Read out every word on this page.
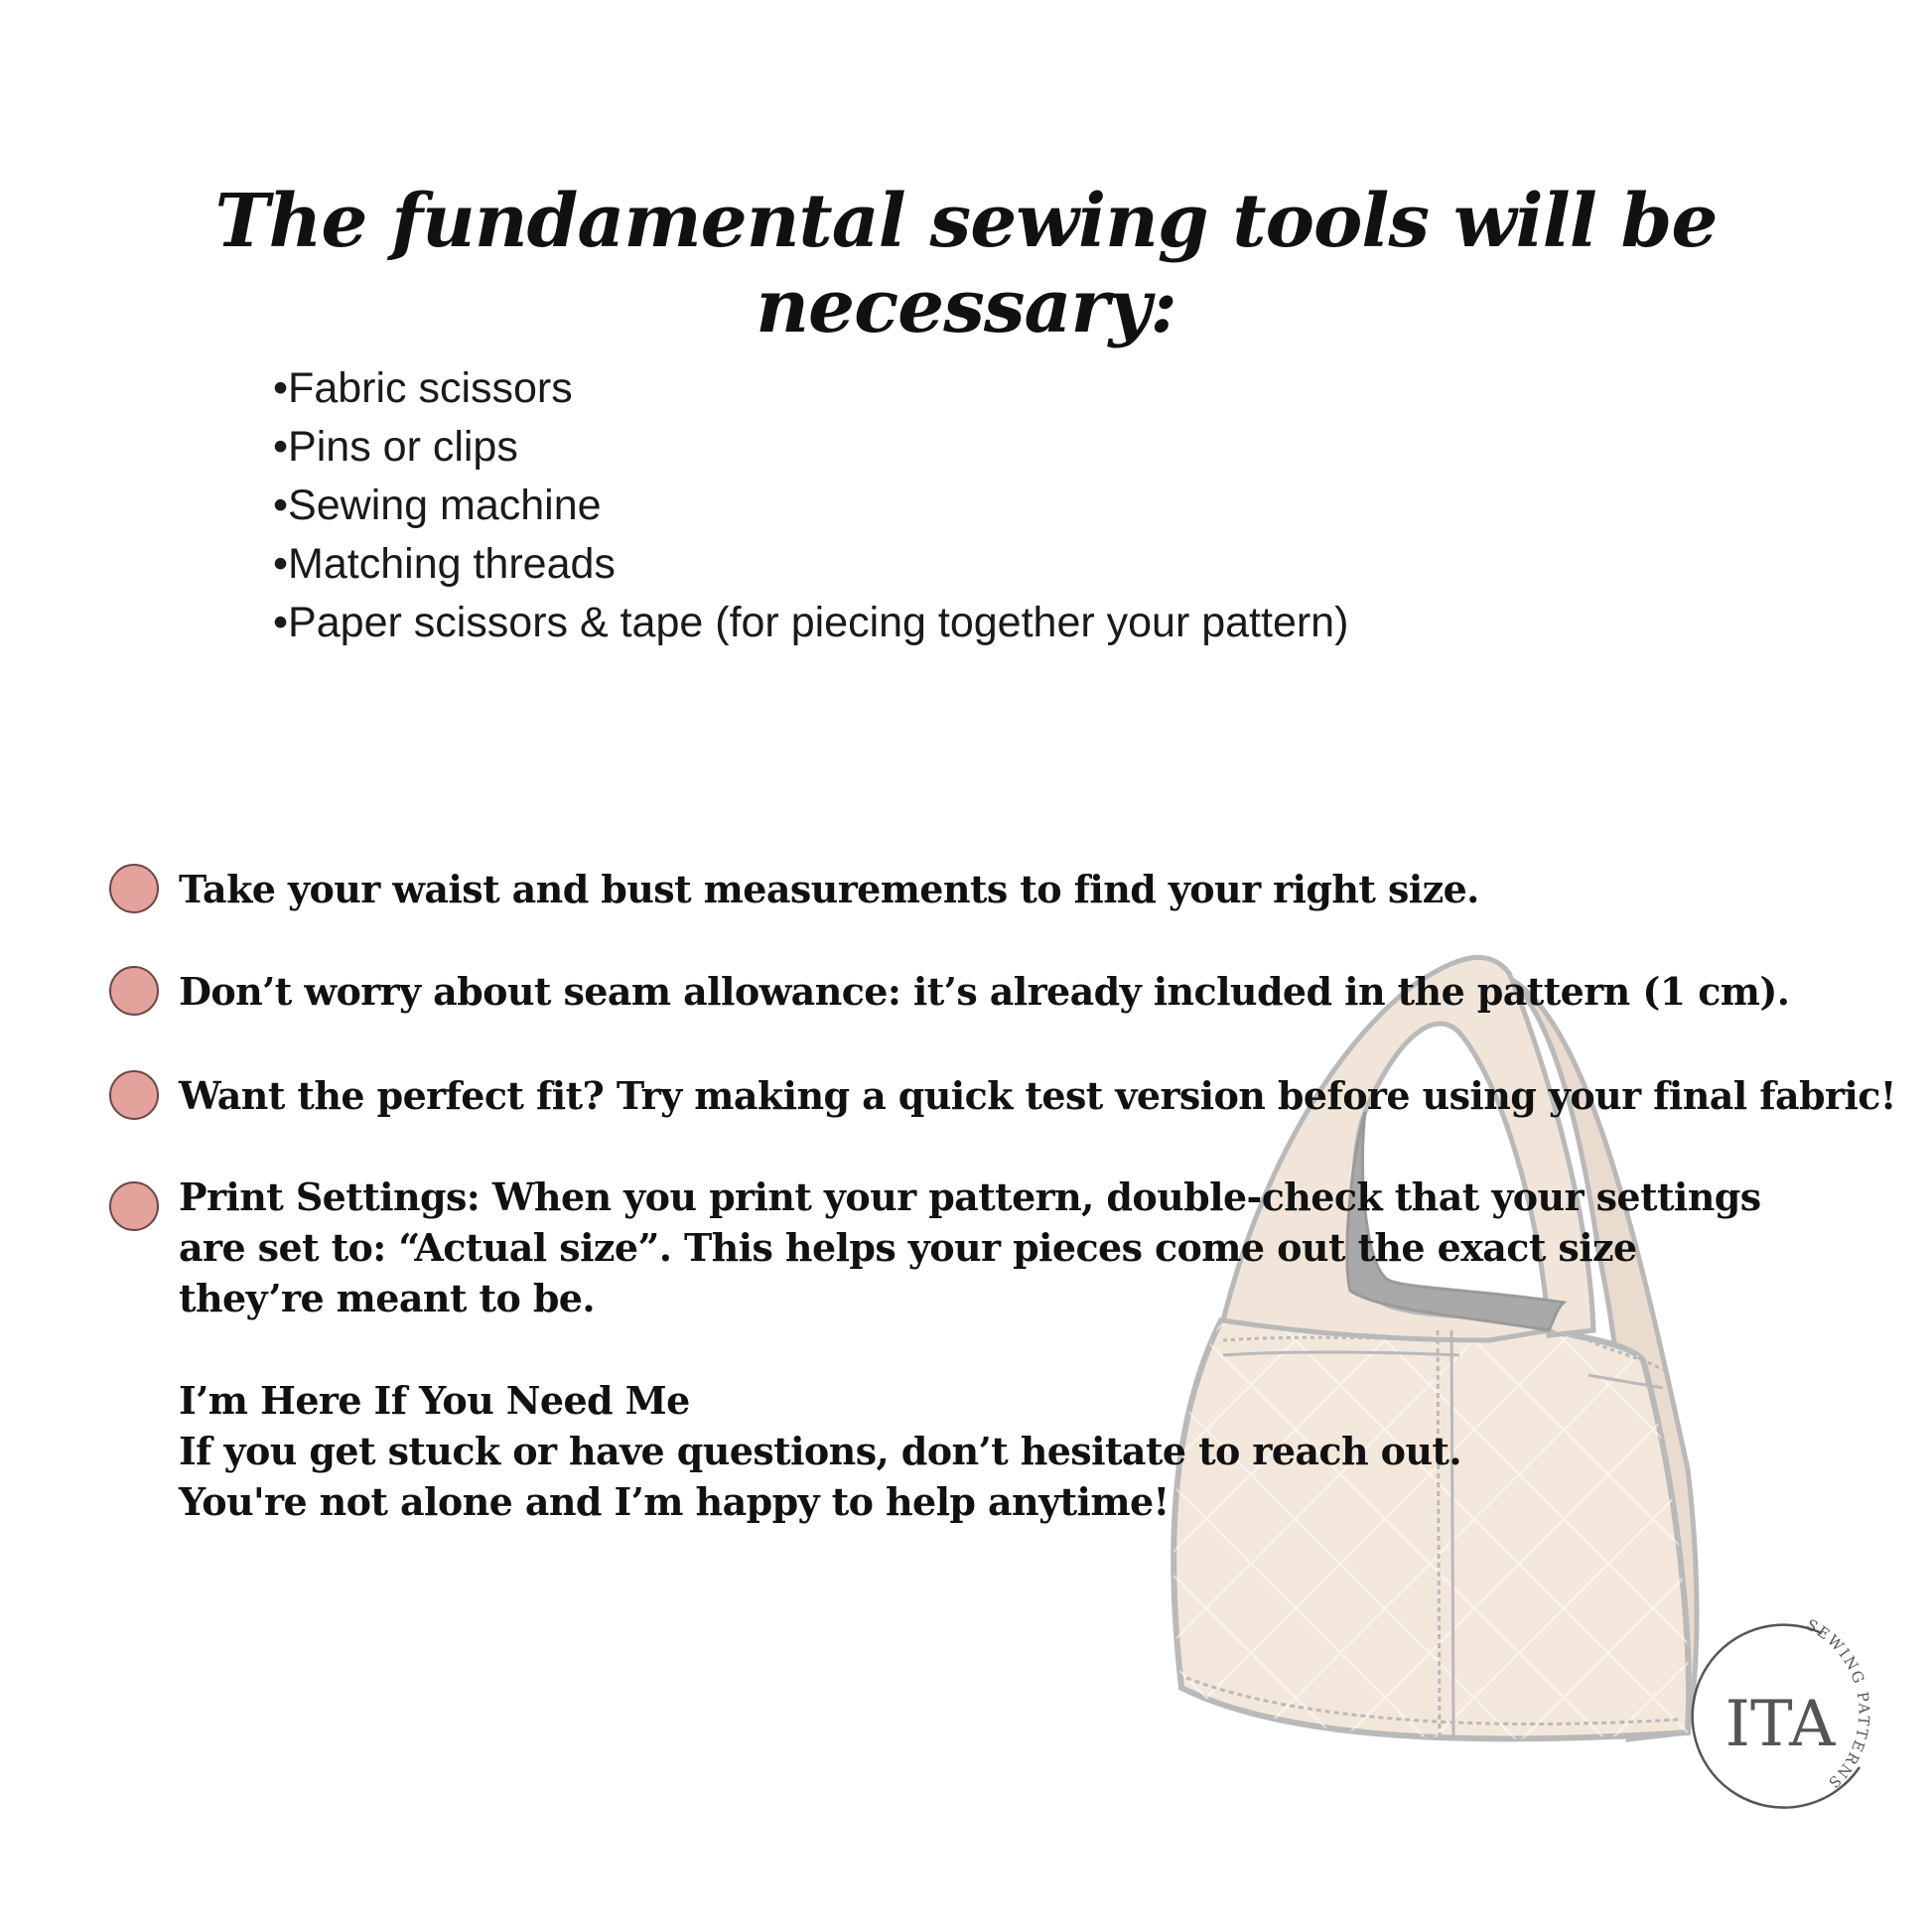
The fundamental sewing tools will be necessary:
•Fabric scissors
•Pins or clips
•Sewing machine
•Matching threads
•Paper scissors & tape (for piecing together your pattern)
Take your waist and bust measurements to find your right size.
Don’t worry about seam allowance: it’s already included in the pattern (1 cm).
Want the perfect fit? Try making a quick test version before using your final fabric!
Print Settings: When you print your pattern, double-check that your settings
are set to: “Actual size”. This helps your pieces come out the exact size
they’re meant to be.
I’m Here If You Need Me
If you get stuck or have questions, don’t hesitate to reach out.
You're not alone and I’m happy to help anytime!
ITA
SEWING PATTERNS
